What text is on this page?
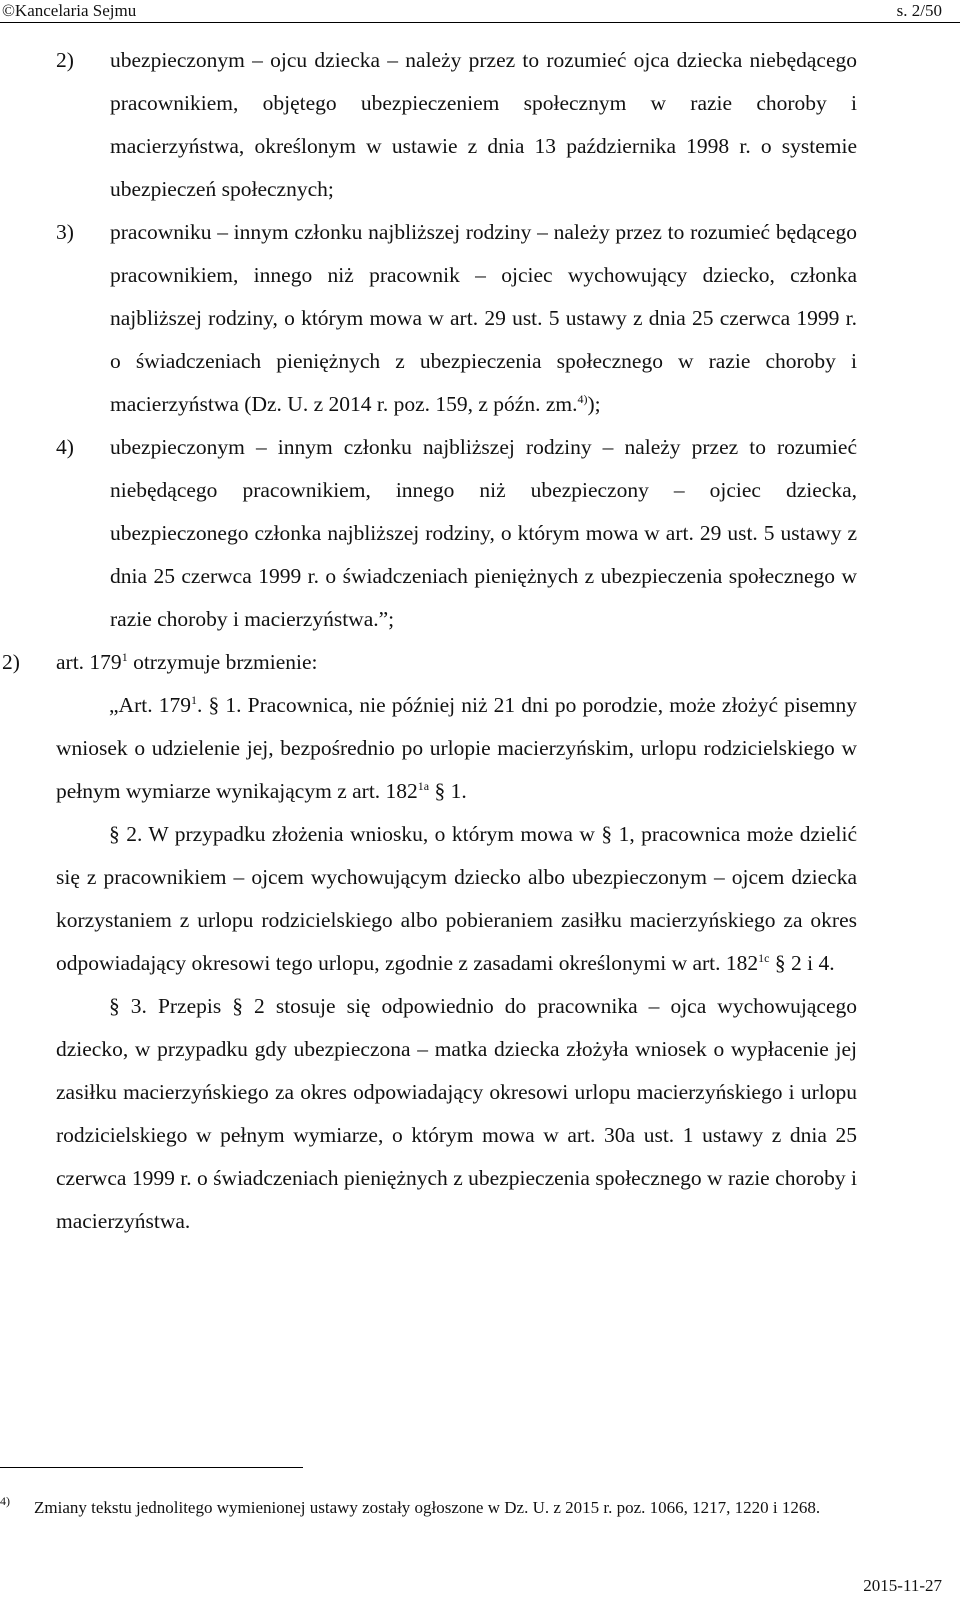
©Kancelaria Sejmu	s. 2/50
2) ubezpieczonym – ojcu dziecka – należy przez to rozumieć ojca dziecka niebędącego pracownikiem, objętego ubezpieczeniem społecznym w razie choroby i macierzyństwa, określonym w ustawie z dnia 13 października 1998 r. o systemie ubezpieczeń społecznych;
3) pracowniku – innym członku najbliższej rodziny – należy przez to rozumieć będącego pracownikiem, innego niż pracownik – ojciec wychowujący dziecko, członka najbliższej rodziny, o którym mowa w art. 29 ust. 5 ustawy z dnia 25 czerwca 1999 r. o świadczeniach pieniężnych z ubezpieczenia społecznego w razie choroby i macierzyństwa (Dz. U. z 2014 r. poz. 159, z późn. zm.$^{4)}$);
4) ubezpieczonym – innym członku najbliższej rodziny – należy przez to rozumieć niebędącego pracownikiem, innego niż ubezpieczony – ojciec dziecka, ubezpieczonego członka najbliższej rodziny, o którym mowa w art. 29 ust. 5 ustawy z dnia 25 czerwca 1999 r. o świadczeniach pieniężnych z ubezpieczenia społecznego w razie choroby i macierzyństwa.”;
2) art. $179^1$ otrzymuje brzmienie:
„Art. $179^1$. § 1. Pracownica, nie później niż 21 dni po porodzie, może złożyć pisemny wniosek o udzielenie jej, bezpośrednio po urlopie macierzyńskim, urlopu rodzicielskiego w pełnym wymiarze wynikającym z art. $182^{1a}$ § 1.
§ 2. W przypadku złożenia wniosku, o którym mowa w § 1, pracownica może dzielić się z pracownikiem – ojcem wychowującym dziecko albo ubezpieczonym – ojcem dziecka korzystaniem z urlopu rodzicielskiego albo pobieraniem zasiłku macierzyńskiego za okres odpowiadający okresowi tego urlopu, zgodnie z zasadami określonymi w art. $182^{1c}$ § 2 i 4.
§ 3. Przepis § 2 stosuje się odpowiednio do pracownika – ojca wychowującego dziecko, w przypadku gdy ubezpieczona – matka dziecka złożyła wniosek o wypłacenie jej zasiłku macierzyńskiego za okres odpowiadający okresowi urlopu macierzyńskiego i urlopu rodzicielskiego w pełnym wymiarze, o którym mowa w art. 30a ust. 1 ustawy z dnia 25 czerwca 1999 r. o świadczeniach pieniężnych z ubezpieczenia społecznego w razie choroby i macierzyństwa.
4)	Zmiany tekstu jednolitego wymienionej ustawy zostały ogłoszone w Dz. U. z 2015 r. poz. 1066, 1217, 1220 i 1268.
2015-11-27
